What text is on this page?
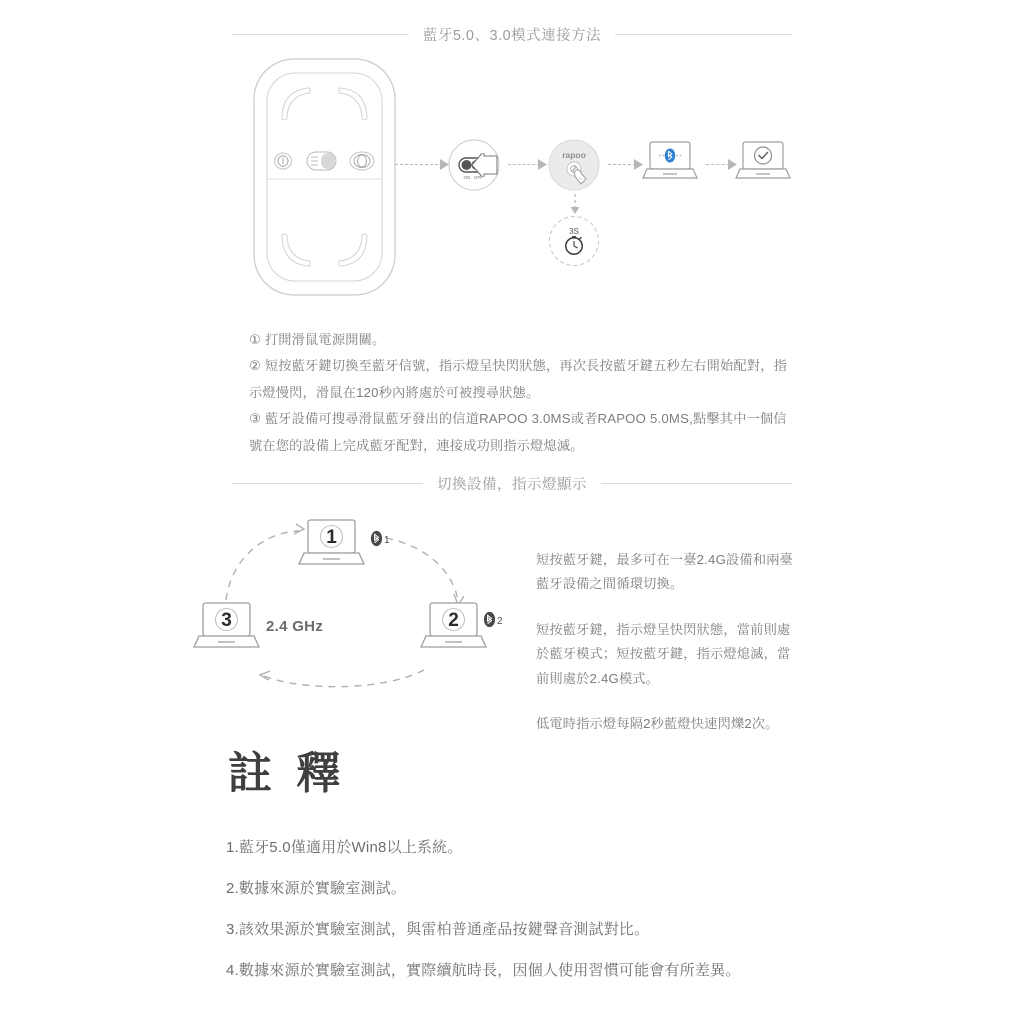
藍牙5.0、3.0模式連接方法
ON OFF
rapoo
3S

① 打開滑鼠電源開關。

② 短按藍牙鍵切換至藍牙信號，指示燈呈快閃狀態，再次長按藍牙鍵五秒左右開始配對，指示燈慢閃，滑鼠在120秒內將處於可被搜尋狀態。

③ 藍牙設備可搜尋滑鼠藍牙發出的信道RAPOO 3.0MS或者RAPOO 5.0MS,點擊其中一個信號在您的設備上完成藍牙配對，連接成功則指示燈熄滅。

切換設備，指示燈顯示
1
2
3 2.4 GHz
1
2

短按藍牙鍵，最多可在一臺2.4G設備和兩臺藍牙設備之間循環切換。

短按藍牙鍵，指示燈呈快閃狀態，當前則處於藍牙模式；短按藍牙鍵，指示燈熄滅，當前則處於2.4G模式。

低電時指示燈每隔2秒藍燈快速閃爍2次。

註 釋

1.藍牙5.0僅適用於Win8以上系統。

2.數據來源於實驗室測試。

3.該效果源於實驗室測試，與雷柏普通產品按鍵聲音測試對比。

4.數據來源於實驗室測試，實際續航時長，因個人使用習慣可能會有所差異。
